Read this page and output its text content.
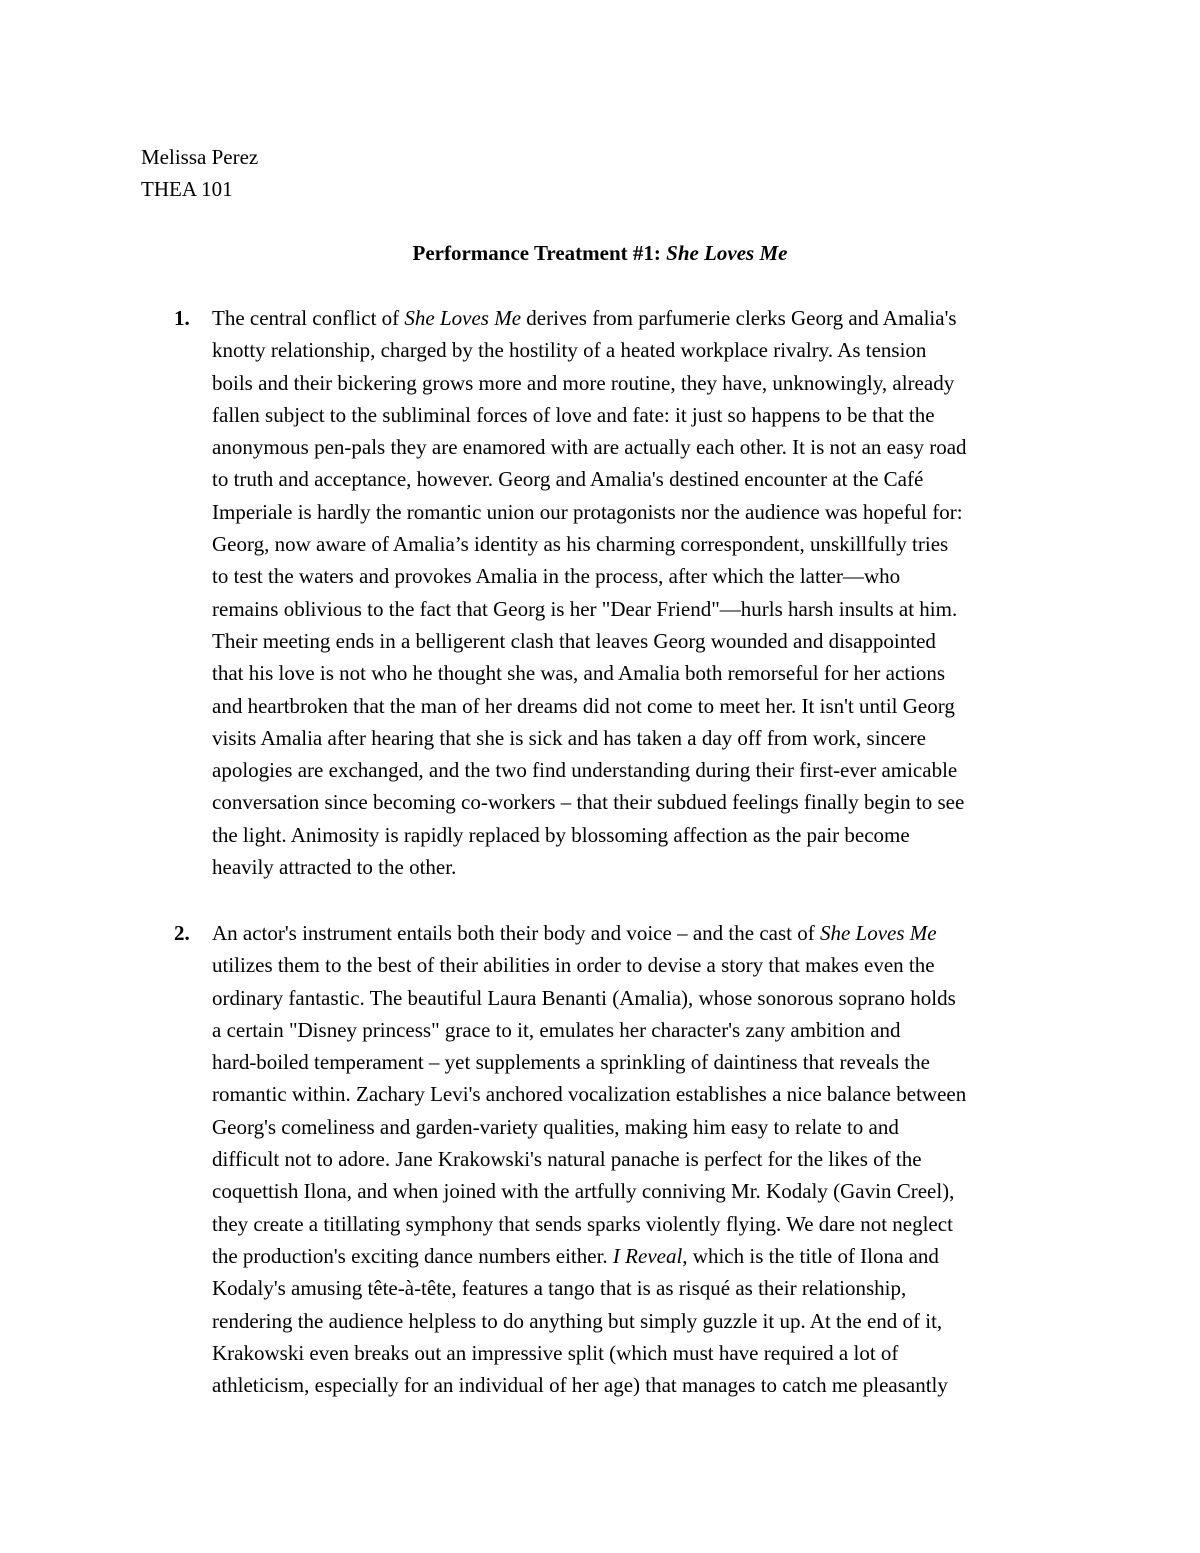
Melissa Perez
THEA 101
Performance Treatment #1: She Loves Me
1. The central conflict of She Loves Me derives from parfumerie clerks Georg and Amalia's
knotty relationship, charged by the hostility of a heated workplace rivalry. As tension
boils and their bickering grows more and more routine, they have, unknowingly, already
fallen subject to the subliminal forces of love and fate: it just so happens to be that the
anonymous pen-pals they are enamored with are actually each other. It is not an easy road
to truth and acceptance, however. Georg and Amalia's destined encounter at the Café
Imperiale is hardly the romantic union our protagonists nor the audience was hopeful for:
Georg, now aware of Amalia’s identity as his charming correspondent, unskillfully tries
to test the waters and provokes Amalia in the process, after which the latter—who
remains oblivious to the fact that Georg is her "Dear Friend"—hurls harsh insults at him.
Their meeting ends in a belligerent clash that leaves Georg wounded and disappointed
that his love is not who he thought she was, and Amalia both remorseful for her actions
and heartbroken that the man of her dreams did not come to meet her. It isn't until Georg
visits Amalia after hearing that she is sick and has taken a day off from work, sincere
apologies are exchanged, and the two find understanding during their first-ever amicable
conversation since becoming co-workers – that their subdued feelings finally begin to see
the light. Animosity is rapidly replaced by blossoming affection as the pair become
heavily attracted to the other.
2. An actor's instrument entails both their body and voice – and the cast of She Loves Me
utilizes them to the best of their abilities in order to devise a story that makes even the
ordinary fantastic. The beautiful Laura Benanti (Amalia), whose sonorous soprano holds
a certain "Disney princess" grace to it, emulates her character's zany ambition and
hard-boiled temperament – yet supplements a sprinkling of daintiness that reveals the
romantic within. Zachary Levi's anchored vocalization establishes a nice balance between
Georg's comeliness and garden-variety qualities, making him easy to relate to and
difficult not to adore. Jane Krakowski's natural panache is perfect for the likes of the
coquettish Ilona, and when joined with the artfully conniving Mr. Kodaly (Gavin Creel),
they create a titillating symphony that sends sparks violently flying. We dare not neglect
the production's exciting dance numbers either. I Reveal, which is the title of Ilona and
Kodaly's amusing tête-à-tête, features a tango that is as risqué as their relationship,
rendering the audience helpless to do anything but simply guzzle it up. At the end of it,
Krakowski even breaks out an impressive split (which must have required a lot of
athleticism, especially for an individual of her age) that manages to catch me pleasantly
